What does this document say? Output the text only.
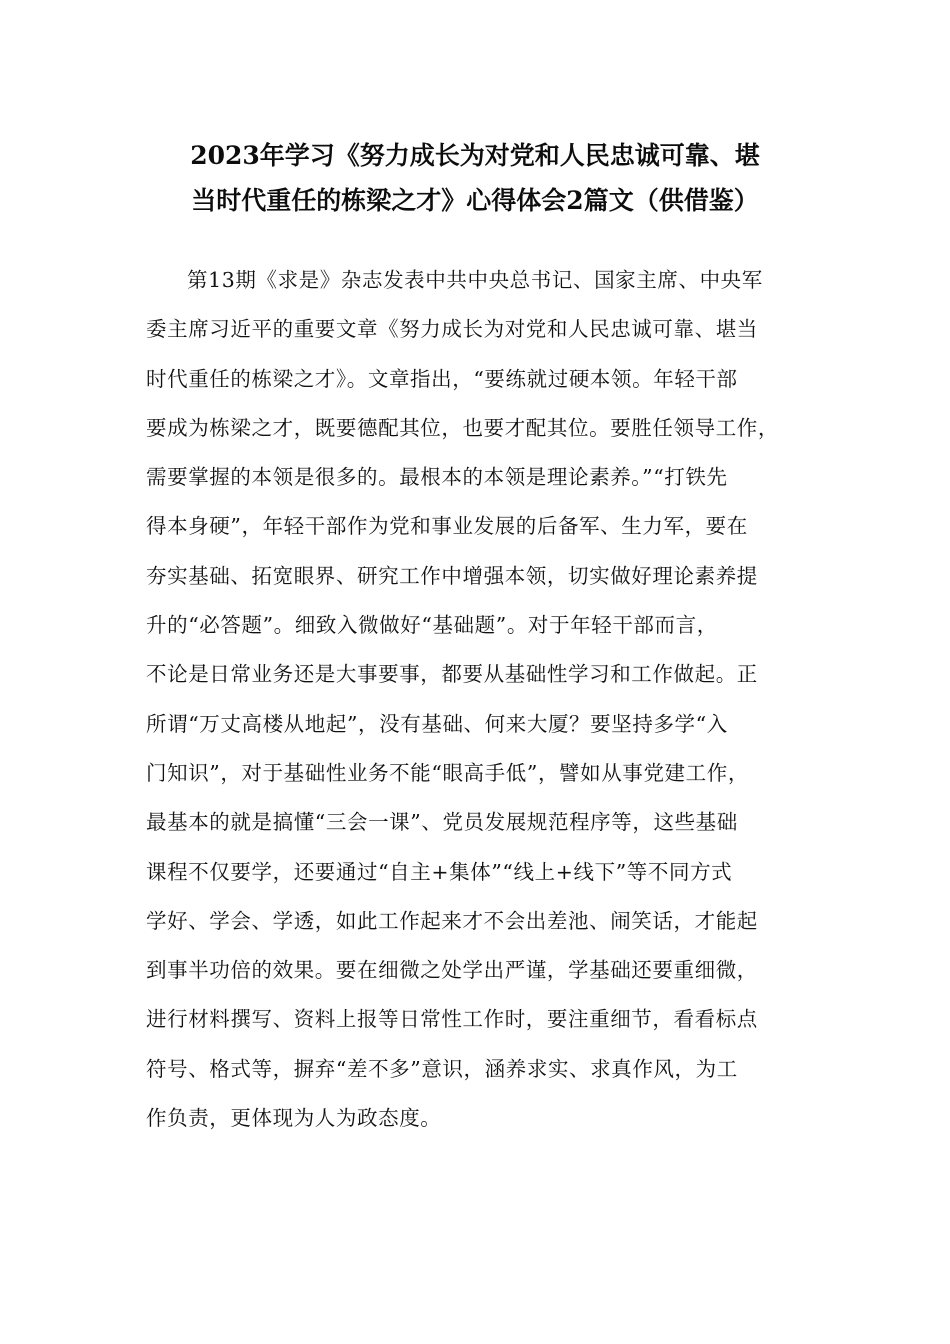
2023年学习《努力成长为对党和人民忠诚可靠、堪
当时代重任的栋梁之才》心得体会2篇文（供借鉴）
第13期《求是》杂志发表中共中央总书记、国家主席、中央军
委主席习近平的重要文章《努力成长为对党和人民忠诚可靠、堪当
时代重任的栋梁之才》。文章指出，“要练就过硬本领。年轻干部
要成为栋梁之才，既要德配其位，也要才配其位。要胜任领导工作，
需要掌握的本领是很多的。最根本的本领是理论素养。”“打铁先
得本身硬”，年轻干部作为党和事业发展的后备军、生力军，要在
夯实基础、拓宽眼界、研究工作中增强本领，切实做好理论素养提
升的“必答题”。细致入微做好“基础题”。对于年轻干部而言，
不论是日常业务还是大事要事，都要从基础性学习和工作做起。正
所谓“万丈高楼从地起”，没有基础、何来大厦？要坚持多学“入
门知识”，对于基础性业务不能“眼高手低”，譬如从事党建工作，
最基本的就是搞懂“三会一课”、党员发展规范程序等，这些基础
课程不仅要学，还要通过“自主+集体”“线上+线下”等不同方式
学好、学会、学透，如此工作起来才不会出差池、闹笑话，才能起
到事半功倍的效果。要在细微之处学出严谨，学基础还要重细微，
进行材料撰写、资料上报等日常性工作时，要注重细节，看看标点
符号、格式等，摒弃“差不多”意识，涵养求实、求真作风，为工
作负责，更体现为人为政态度。
